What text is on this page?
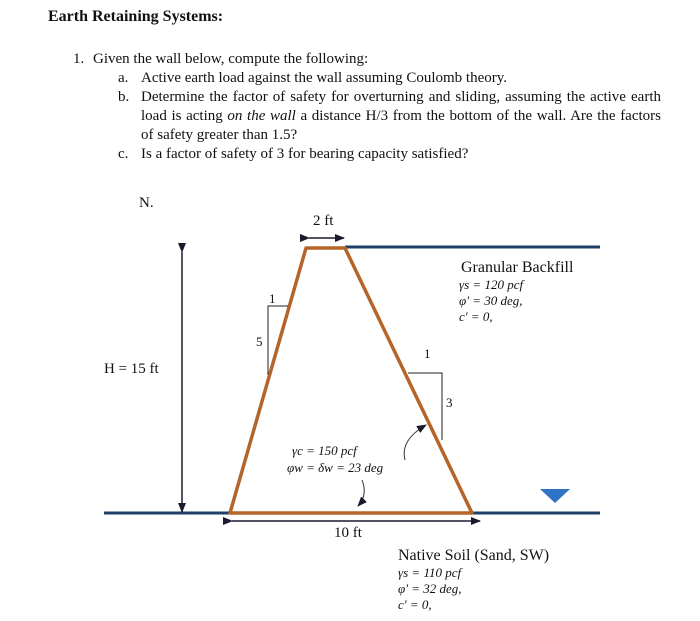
Earth Retaining Systems:
1. Given the wall below, compute the following:
a. Active earth load against the wall assuming Coulomb theory.
b. Determine the factor of safety for overturning and sliding, assuming the active earth load is acting on the wall a distance H/3 from the bottom of the wall. Are the factors of safety greater than 1.5?
c. Is a factor of safety of 3 for bearing capacity satisfied?
N.
2 ft
10 ft
H = 15 ft
1
5
1
3
Granular Backfill
γs = 120 pcf
φ' = 30 deg,
c' = 0,
γc = 150 pcf
φw = δw = 23 deg
Native Soil (Sand, SW)
γs = 110 pcf
φ' = 32 deg,
c' = 0,
